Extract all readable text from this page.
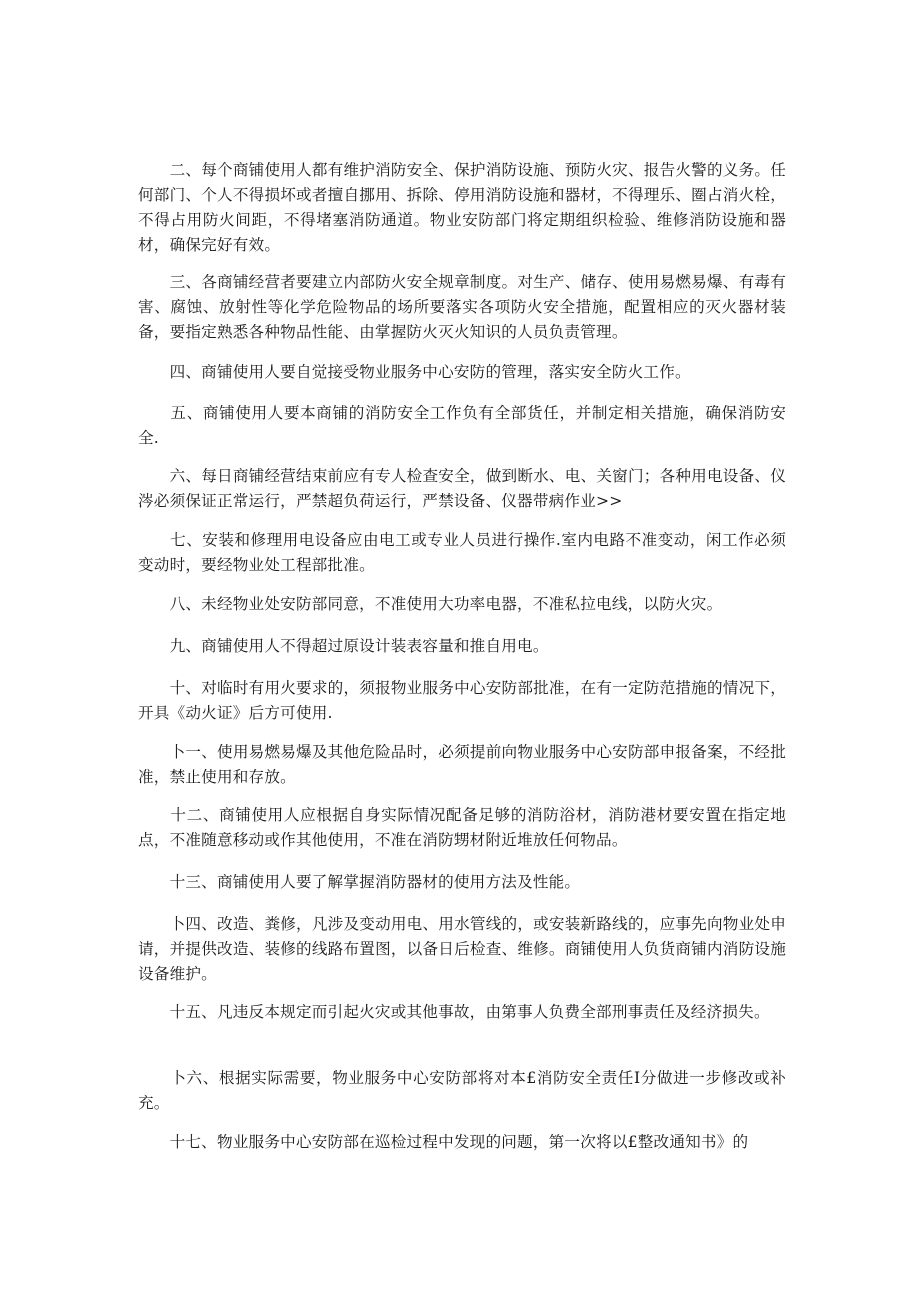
　　二、每个商铺使用人都有维护消防安全、保护消防设施、预防火灾、报告火警的义务。任何部门、个人不得损坏或者擅自挪用、拆除、停用消防设施和器材，不得理乐、圈占消火栓，不得占用防火间距，不得堵塞消防通道。物业安防部门将定期组织检验、维修消防设施和器材，确保完好有效。

　　三、各商铺经营者要建立内部防火安全规章制度。对生产、储存、使用易燃易爆、有毒有害、腐蚀、放射性等化学危险物品的场所要落实各项防火安全措施，配置相应的灭火器材装备，要指定熟悉各种物品性能、由掌握防火灭火知识的人员负责管理。

　　四、商铺使用人要自觉接受物业服务中心安防的管理，落实安全防火工作。

　　五、商铺使用人要本商铺的消防安全工作负有全部货任，并制定相关措施，确保消防安全.

　　六、每日商铺经营结束前应有专人检查安全，做到断水、电、关窗门；各种用电设备、仪涔必须保证正常运行，严禁超负荷运行，严禁设备、仪器带病作业>>

　　七、安装和修理用电设备应由电工或专业人员进行操作.室内电路不准变动，闲工作必须变动时，要经物业处工程部批准。

　　八、未经物业处安防部同意，不准使用大功率电器，不准私拉电线，以防火灾。

　　九、商铺使用人不得超过原设计装表容量和推自用电。

　　十、对临时有用火要求的，须报物业服务中心安防部批准，在有一定防范措施的情况下，开具《动火证》后方可使用.

　　卜一、使用易燃易爆及其他危险品时，必须提前向物业服务中心安防部申报备案，不经批准，禁止使用和存放。

　　十二、商铺使用人应根据自身实际情况配备足够的消防浴材，消防港材要安置在指定地点，不准随意移动或作其他使用，不准在消防甥材附近堆放任何物品。

　　十三、商铺使用人要了解掌握消防器材的使用方法及性能。

　　卜四、改造、粪修，凡涉及变动用电、用水管线的，或安装新路线的，应事先向物业处申请，并提供改造、装修的线路布置图，以备日后检查、维修。商铺使用人负货商铺内消防设施设备维护。

　　十五、凡违反本规定而引起火灾或其他事故，由第事人负费全部刑事责任及经济损失。

　　卜六、根据实际需要，物业服务中心安防部将对本£消防安全责任I分做进一步修改或补充。

　　十七、物业服务中心安防部在巡检过程中发现的问题，第一次将以£整改通知书》的
